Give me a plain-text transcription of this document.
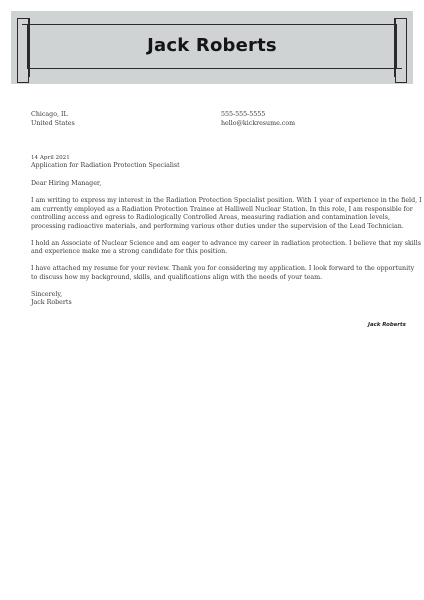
Jack Roberts
Chicago, IL
United States
555-555-5555
hello@kickresume.com
14 April 2021
Application for Radiation Protection Specialist

Dear Hiring Manager,

I am writing to express my interest in the Radiation Protection Specialist position. With 1 year of experience in the field, I
am currently employed as a Radiation Protection Trainee at Halliwell Nuclear Station. In this role, I am responsible for
controlling access and egress to Radiologically Controlled Areas, measuring radiation and contamination levels,
processing radioactive materials, and performing various other duties under the supervision of the Lead Technician.

I hold an Associate of Nuclear Science and am eager to advance my career in radiation protection. I believe that my skills
and experience make me a strong candidate for this position.

I have attached my resume for your review. Thank you for considering my application. I look forward to the opportunity
to discuss how my background, skills, and qualifications align with the needs of your team.

Sincerely,
Jack Roberts

Jack Roberts
